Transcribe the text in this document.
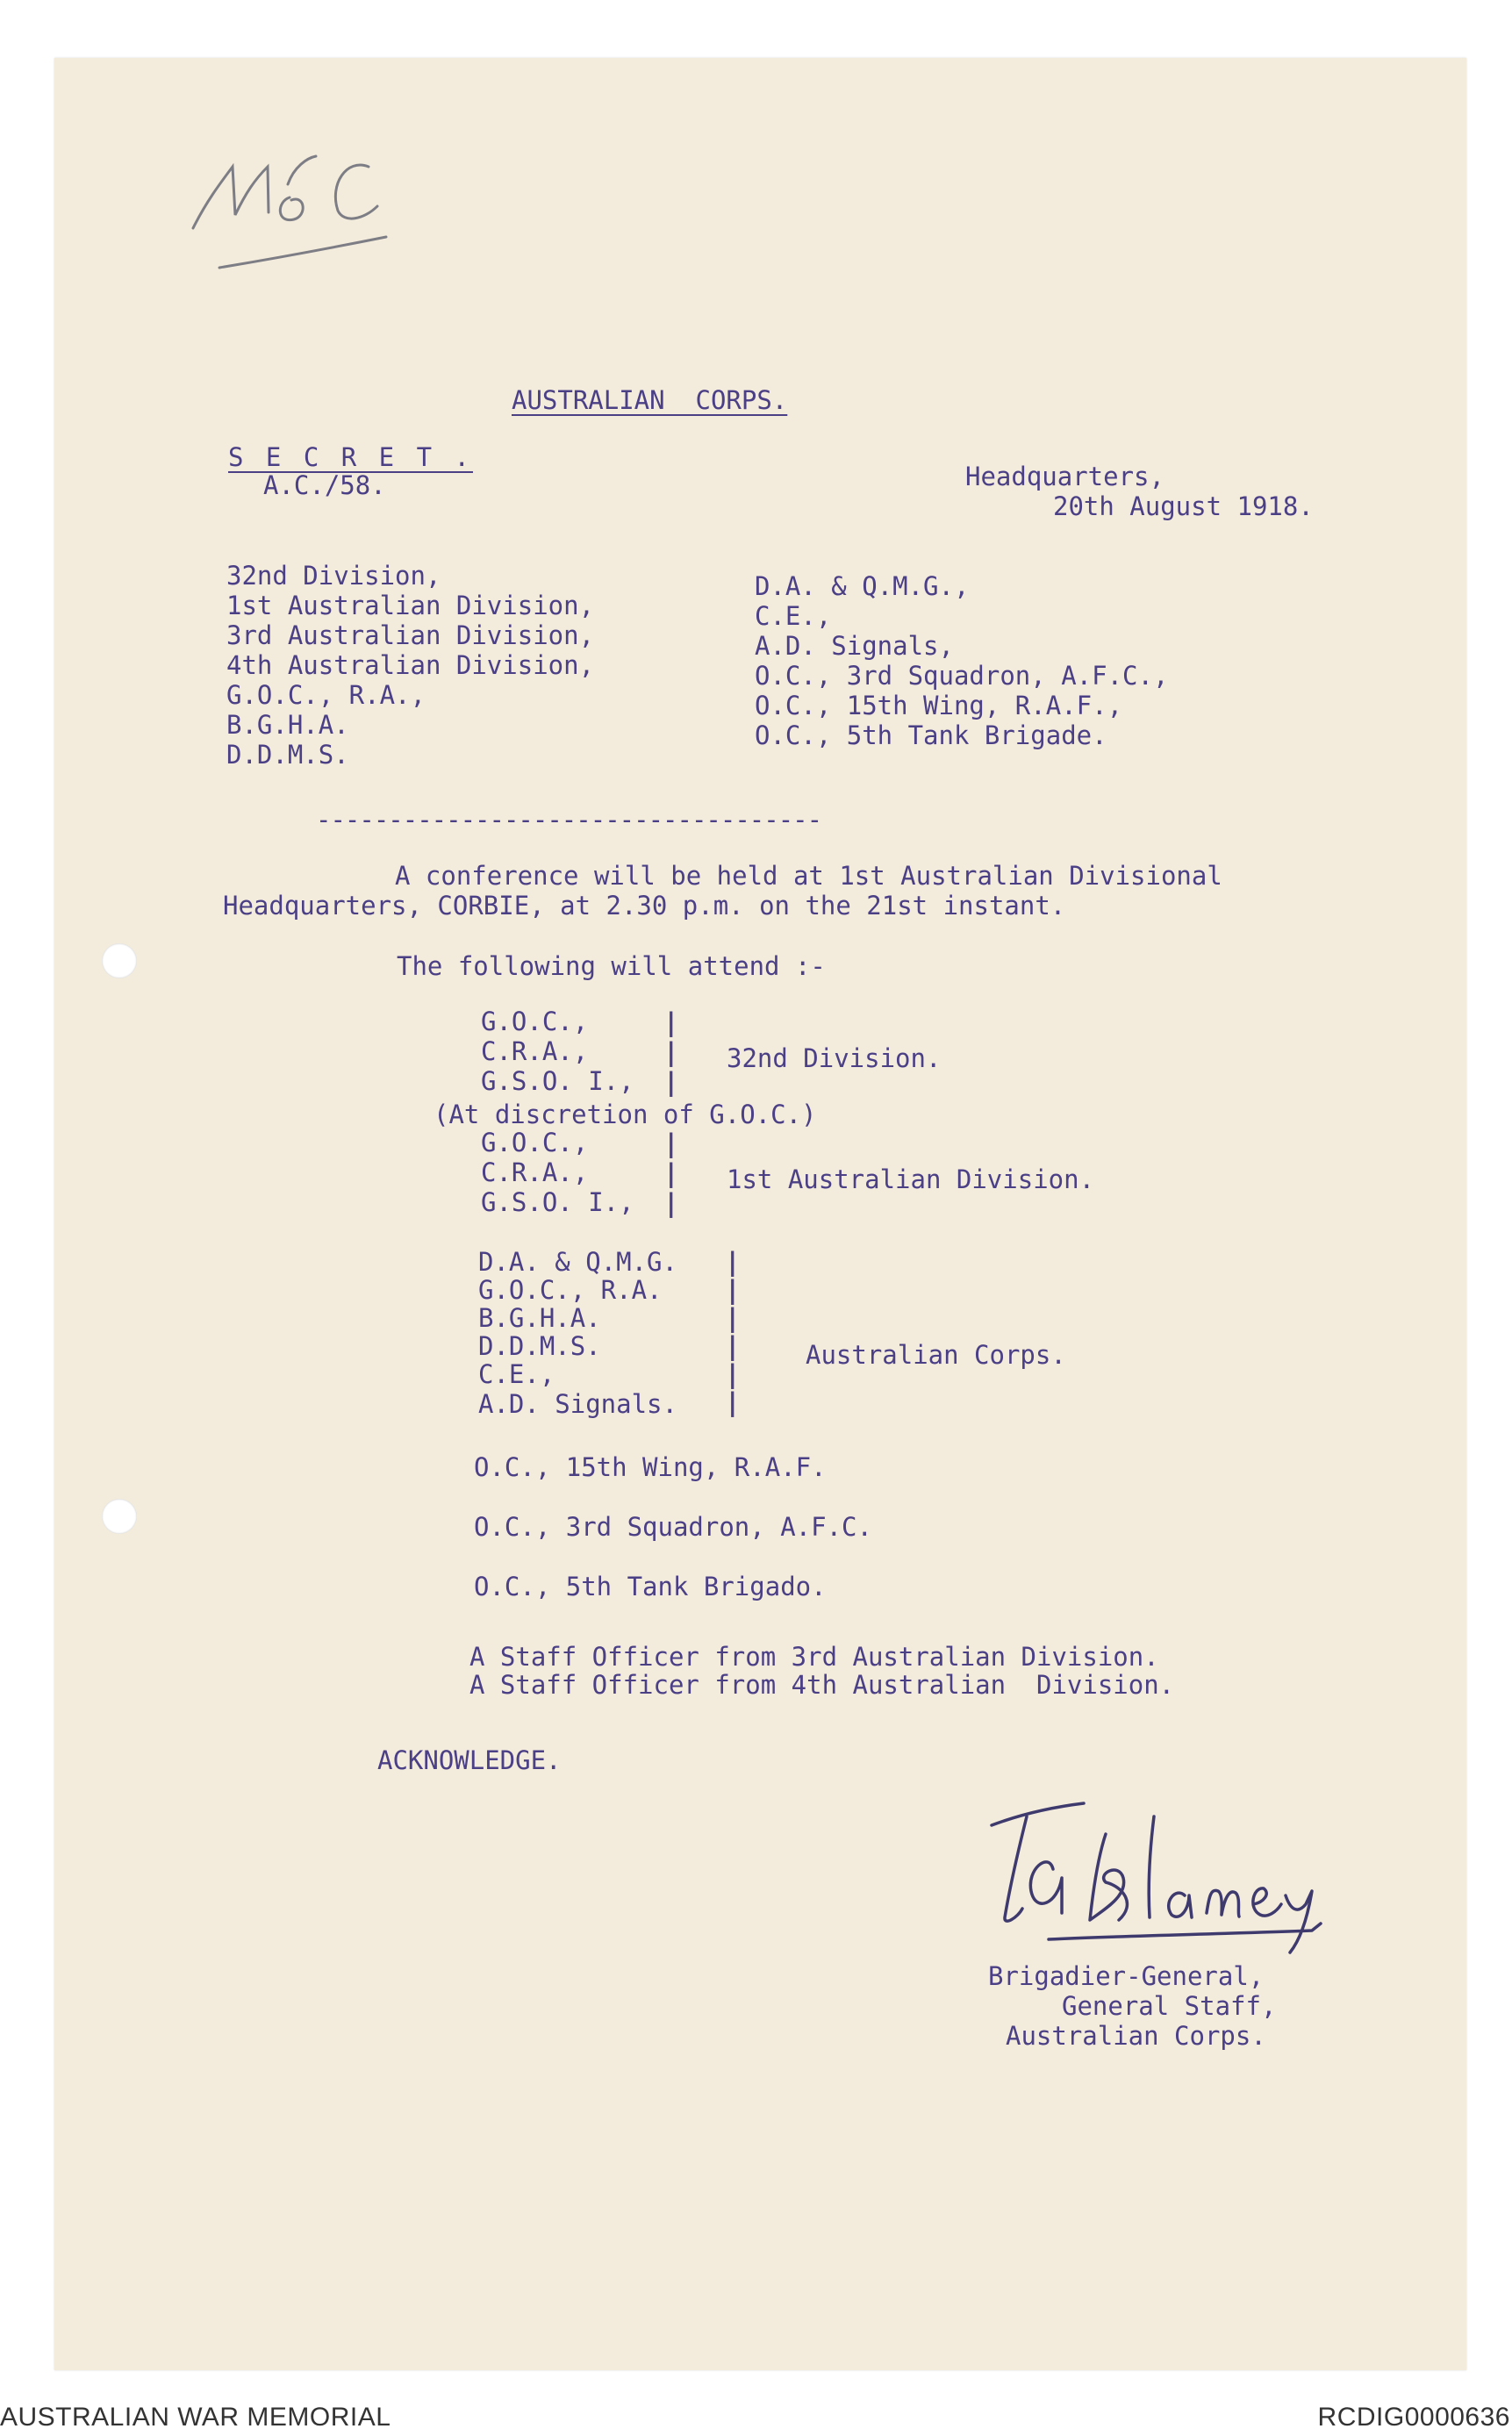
AUSTRALIAN  CORPS.
S E C R E T .
A.C./58.	Headquarters,
20th August 1918.
32nd Division,
1st Australian Division,
3rd Australian Division,
4th Australian Division,
G.O.C., R.A.,
B.G.H.A.
D.D.M.S.
D.A. & Q.M.G.,
C.E.,
A.D. Signals,
O.C., 3rd Squadron, A.F.C.,
O.C., 15th Wing, R.A.F.,
O.C., 5th Tank Brigade.
-----------------------------------
A conference will be held at 1st Australian Divisional
Headquarters, CORBIE, at 2.30 p.m. on the 21st instant.
The following will attend :-
G.O.C.,
C.R.A.,
G.S.O. I.,
|
|
|
32nd Division.
(At discretion of G.O.C.)
G.O.C.,
C.R.A.,
G.S.O. I.,
|
|
|
1st Australian Division.
D.A. & Q.M.G.
G.O.C., R.A.
B.G.H.A.
D.D.M.S.
C.E.,
A.D. Signals.
|
|
|
|
|
|
Australian Corps.
O.C., 15th Wing, R.A.F.
O.C., 3rd Squadron, A.F.C.
O.C., 5th Tank Brigado.
A Staff Officer from 3rd Australian Division.
A Staff Officer from 4th Australian  Division.
ACKNOWLEDGE.
Brigadier-General,
General Staff,
Australian Corps.
AUSTRALIAN WAR MEMORIAL	RCDIG0000636
